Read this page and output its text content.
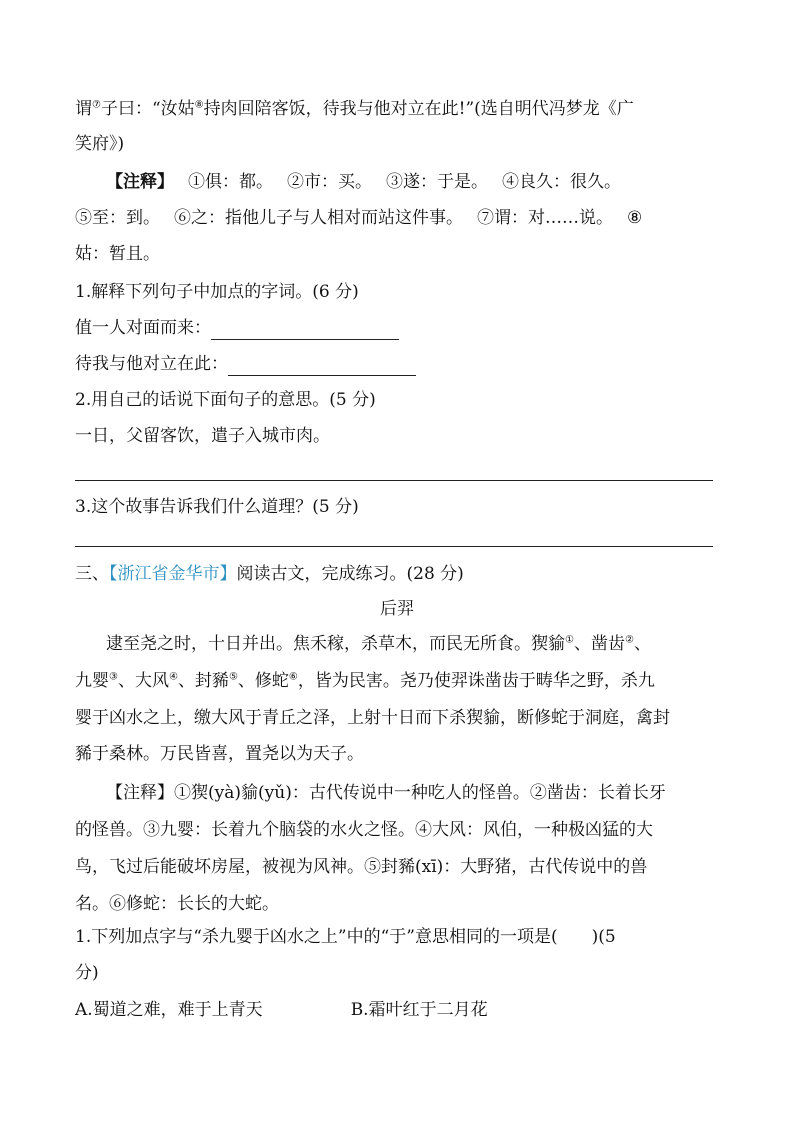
谓⑦子曰：“汝姑⑧持肉回陪客饭，待我与他对立在此!”(选自明代冯梦龙《广
笑府》)
【注释】 ①俱：都。 ②市：买。 ③遂：于是。 ④良久：很久。
⑤至：到。 ⑥之：指他儿子与人相对而站这件事。 ⑦谓：对……说。 ⑧
姑：暂且。
1.解释下列句子中加点的字词。(6 分)
值一人对面而来：
待我与他对立在此：
2.用自己的话说下面句子的意思。(5 分)
一日，父留客饮，遣子入城市肉。
3.这个故事告诉我们什么道理？(5 分)
三、【浙江省金华市】阅读古文，完成练习。(28 分)
后羿
逮至尧之时，十日并出。焦禾稼，杀草木，而民无所食。猰貐①、凿齿②、
九婴③、大风④、封豨⑤、修蛇⑥，皆为民害。尧乃使羿诛凿齿于畴华之野，杀九
婴于凶水之上，缴大风于青丘之泽，上射十日而下杀猰貐，断修蛇于洞庭，禽封
豨于桑林。万民皆喜，置尧以为天子。
【注释】①猰(yà)貐(yǔ)：古代传说中一种吃人的怪兽。②凿齿：长着长牙
的怪兽。③九婴：长着九个脑袋的水火之怪。④大风：风伯，一种极凶猛的大
鸟，飞过后能破坏房屋，被视为风神。⑤封豨(xī)：大野猪，古代传说中的兽
名。⑥修蛇：长长的大蛇。
1.下列加点字与“杀九婴于凶水之上”中的“于”意思相同的一项是(　　)(5
分)
A.蜀道之难，难于上青天	B.霜叶红于二月花
